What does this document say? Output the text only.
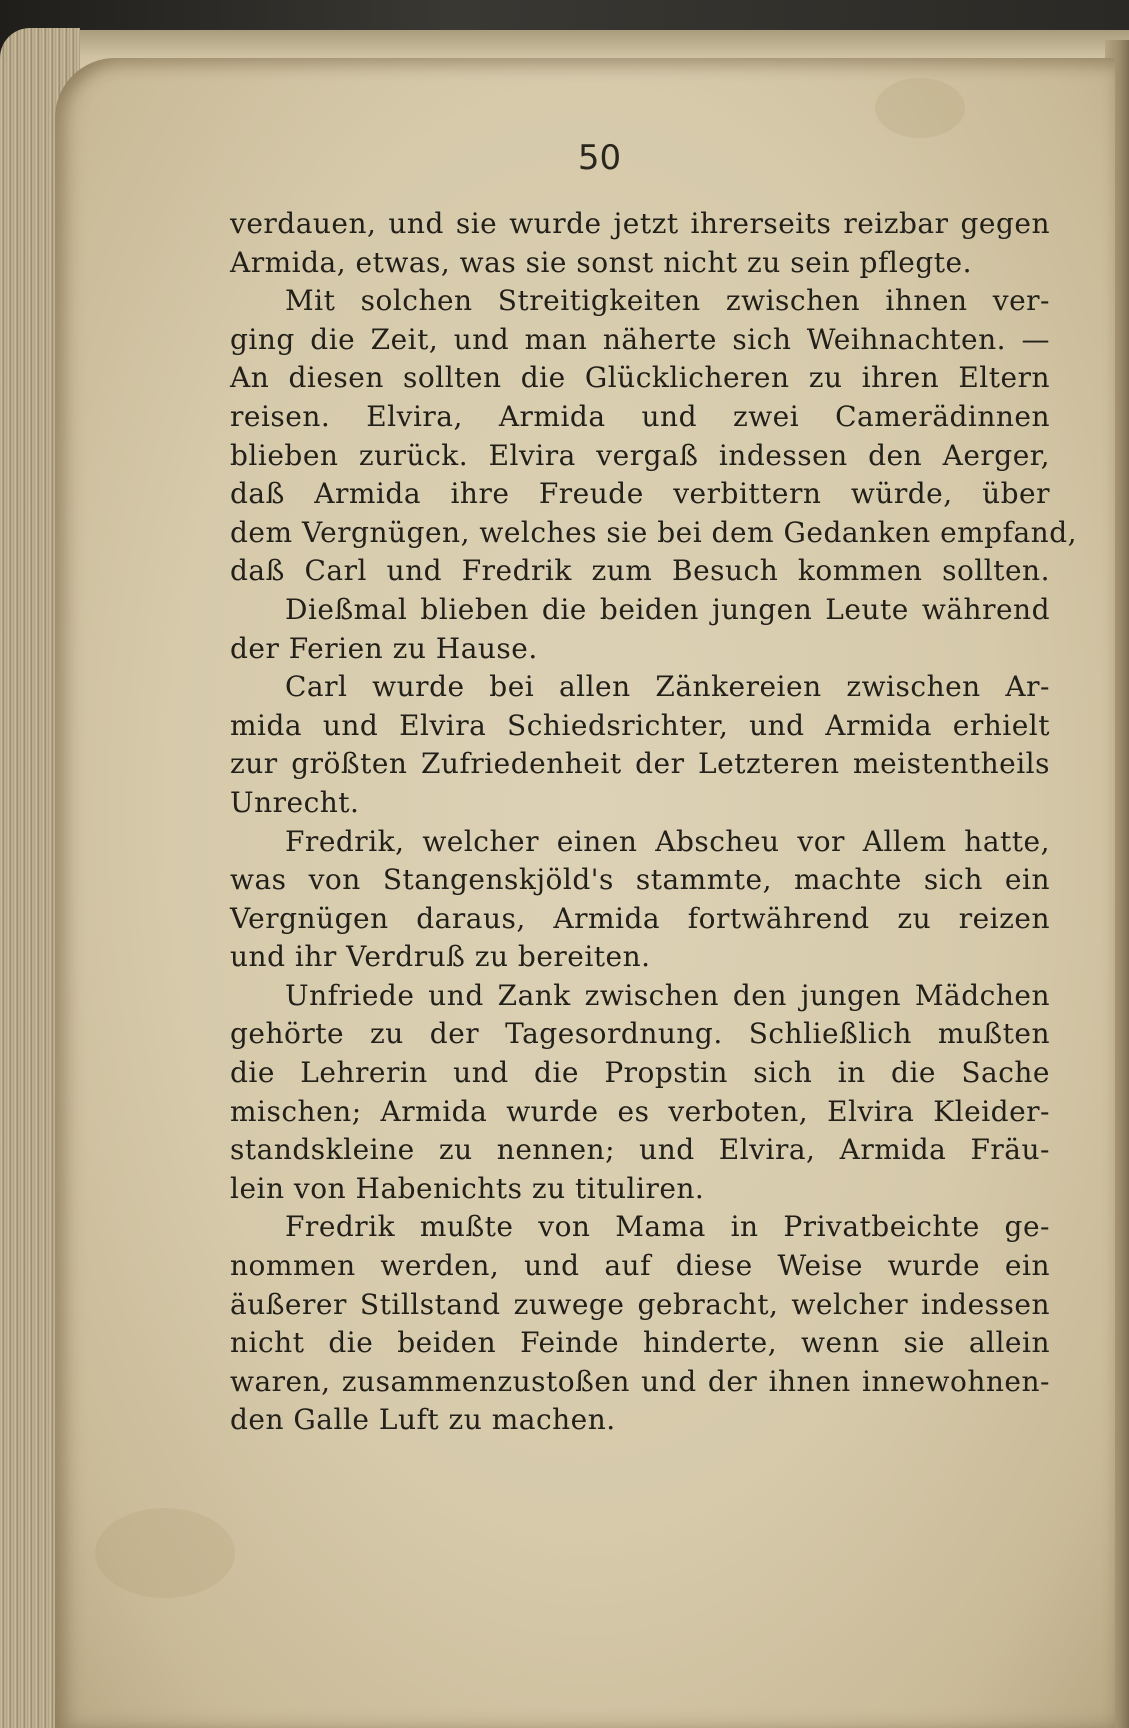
50
verdauen, und sie wurde jetzt ihrerseits reizbar gegen
Armida, etwas, was sie sonst nicht zu sein pflegte.
Mit solchen Streitigkeiten zwischen ihnen ver-
ging die Zeit, und man näherte sich Weihnachten. —
An diesen sollten die Glücklicheren zu ihren Eltern
reisen. Elvira, Armida und zwei Camerädinnen
blieben zurück. Elvira vergaß indessen den Aerger,
daß Armida ihre Freude verbittern würde, über
dem Vergnügen, welches sie bei dem Gedanken empfand,
daß Carl und Fredrik zum Besuch kommen sollten.
Dießmal blieben die beiden jungen Leute während
der Ferien zu Hause.
Carl wurde bei allen Zänkereien zwischen Ar-
mida und Elvira Schiedsrichter, und Armida erhielt
zur größten Zufriedenheit der Letzteren meistentheils
Unrecht.
Fredrik, welcher einen Abscheu vor Allem hatte,
was von Stangenskjöld's stammte, machte sich ein
Vergnügen daraus, Armida fortwährend zu reizen
und ihr Verdruß zu bereiten.
Unfriede und Zank zwischen den jungen Mädchen
gehörte zu der Tagesordnung. Schließlich mußten
die Lehrerin und die Propstin sich in die Sache
mischen; Armida wurde es verboten, Elvira Kleider-
standskleine zu nennen; und Elvira, Armida Fräu-
lein von Habenichts zu tituliren.
Fredrik mußte von Mama in Privatbeichte ge-
nommen werden, und auf diese Weise wurde ein
äußerer Stillstand zuwege gebracht, welcher indessen
nicht die beiden Feinde hinderte, wenn sie allein
waren, zusammenzustoßen und der ihnen innewohnen-
den Galle Luft zu machen.
